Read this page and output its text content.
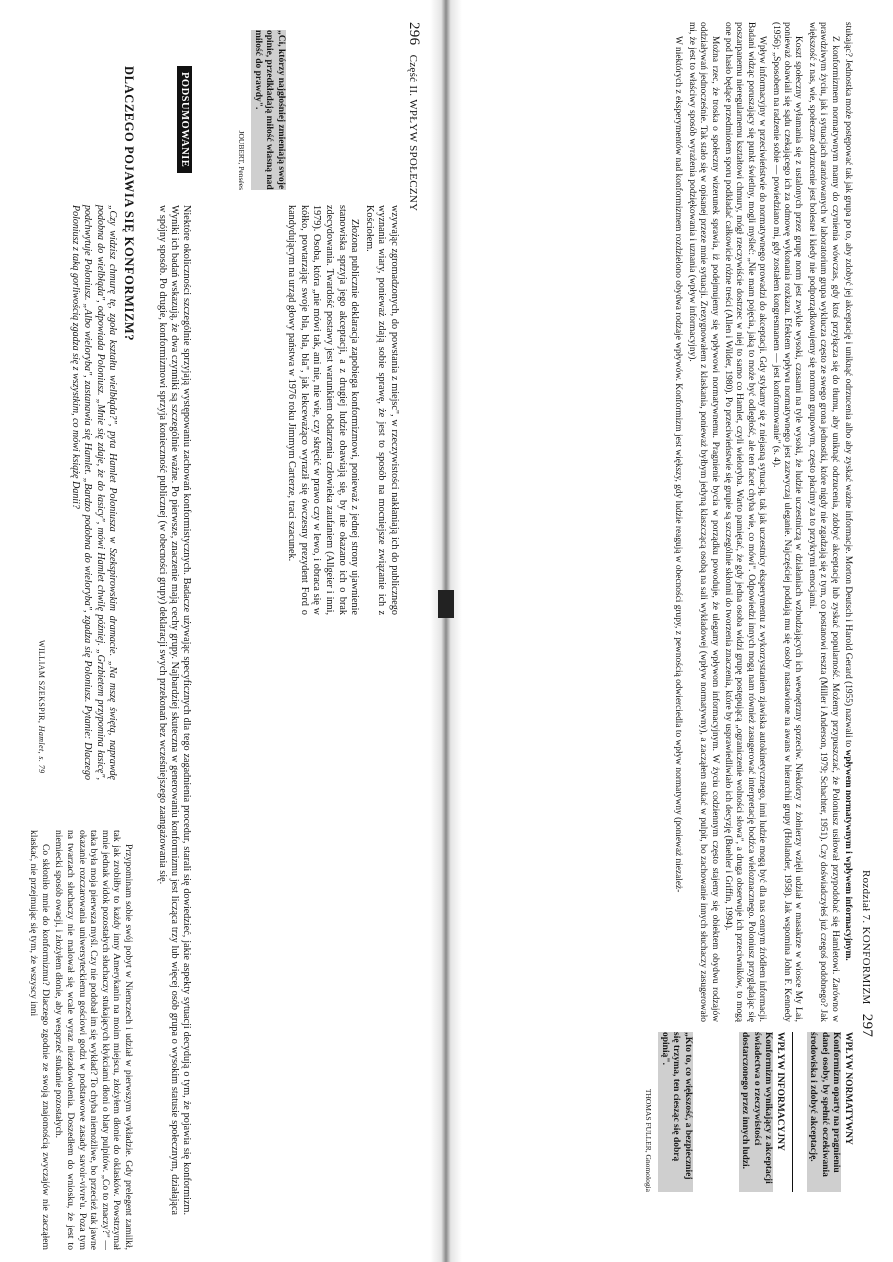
296   Część II. WPŁYW SPOŁECZNY

wzywając zgromadzonych, do powstania z miejsc", w rzeczywistości nakłaniają ich do publicznego wyznania wiary, ponieważ zdają sobie sprawę, że jest to sposób na mocniejsze związanie ich z Kościołem.

Złożona publicznie deklaracja zapobiega konformizmowi, ponieważ z jednej strony ujawnienie stanowiska sprzyja jego akceptacji, a z drugiej ludzie obawiają się, by nie okazano ich o brak zdecydowania. Twardość postawy jest warunkiem obdarzenia człowieka zaufaniem (Allgeier i inni, 1979). Osoba, która „nie mówi tak, ani nie, nie wie, czy skręcić w prawo czy w lewo, i obraca się w kółko, powtarzając swoje bla, bla, bla", jak lekceważąco wyraził się ówczesny prezydent Ford o kandydującym na urząd głowy państwa w 1976 roku Jimmym Carterze, traci szacunek.

„Ci, którzy najgłośniej zmieniają swoje opinie, przedkładają miłość własną nad miłość do prawdy".
JOUBERT, Pensées
PODSUMOWANIE
Niektóre okoliczności szczególnie sprzyjają występowaniu zachowań konformistycznych. Badacze używając specyficznych dla tego zagadnienia procedur, starali się dowiedzieć, jakie aspekty sytuacji decydują o tym, że pojawia się konformizm. Wyniki ich badań wskazują, że dwa czynniki są szczególnie ważne. Po pierwsze, znaczenie mają cechy grupy. Najbardziej skuteczna w generowaniu konformizmu jest licząca trzy lub więcej osób grupa o wysokim statusie społecznym, działająca w spójny sposób. Po drugie, konformizmowi sprzyja konieczność publicznej (w obecności grupy) deklaracji swych przekonań bez wcześniejszego zaangażowania się.
DLACZEGO POJAWIA SIĘ KONFORMIZM?
„Czy widzisz chmurę tę, zgoła kształtu wielbłąda?", pyta Hamlet Poloniusza w Szekspirowskim dramacie. „Na mszę świętą, naprawdę podobna do wielbłąda", odpowiada Poloniusz. „Mnie się zdaje, że do łasicy", mówi Hamlet chwilę później. „Grzbietem przypomina łasicę", podchwytuje Poloniusz. „Albo wieloryba", zastanawia się Hamlet. „Bardzo podobna do wieloryba", zgadza się Poloniusz. Pytanie: Dlaczego Poloniusz z taką gorliwością zgadza się z wszystkim, co mówi książę Danii?
WILLIAM SZEKSPIR, Hamlet, s. 79

Przypominam sobie swój pobyt w Niemczech i udział w pierwszym wykładzie. Gdy prelegent zamilkł, tak jak zrobiłby to każdy inny Amerykanin na moim miejscu, złożyłem dłonie do oklasków. Powstrzymał mnie jednak widok pozostałych słuchaczy stukających kłykciami dłoni o blaty pulpitów. „Co to znaczy?" — taka była moja pierwsza myśl. Czy nie podobał im się wykład? To chyba niemożliwe, bo przecież tak jawne okazanie rozczarowania uniwersyteckiemu gościowi godzi w podstawowe zasady savoir-vivre'u. Poza tym na twarzach słuchaczy nie malował się wcale wyraz niezadowolenia. Doszedłem do wniosku, że jest to niemiecki sposób owacji, i złożyłem dłonie, aby wesprzeć stukanie pozostałych.

Co skłoniło mnie do konformizmu? Dlaczego zgodnie ze swoją znajomością zwyczajów nie zacząłem klaskać, nie przejmując się tym, że wszyscy inni	Rozdział 7. KONFORMIZM   297
WPŁYW NORMATYWNY
Konformizm oparty na pragnieniu danej osoby, by spełnić oczekiwania środowiska i zdobyć akceptację.
WPŁYW INFORMACYJNY
Konformizm wynikający z akceptacji świadectwa o rzeczywistości dostarczonego przez innych ludzi.
„Kto to, co większość, a bezpieczniej się trzyma, ten ciesząc się dobrą opinią".
THOMAS FULLER, Gnomologia

stukając? Jednostka może postępować tak jak grupa po to, aby zdobyć jej akceptację i uniknąć odrzucenia albo aby zyskać ważne informacje. Morton Deutsch i Harold Gerard (1955) nazwali to wpływem normatywnym i wpływem informacyjnym.

Z konformizmem normatywnym mamy do czynienia wówczas, gdy ktoś przyłącza się do tłumu, aby uniknąć odrzucenia, zdobyć akceptację lub zyskać popularność. Możemy przypuszczać, że Poloniusz usiłował przypodobać się Hamletowi. Zarówno w prawdziwym życiu, jak i sytuacjach aranżowanych w laboratorium grupa wyklucza często ze swego grona jednostki, które nigdy nie zgadzają się z tym, co postanowi reszta (Miller i Anderson, 1979; Schachter, 1951). Czy doświadczyłeś już czegoś podobnego? Jak większość z nas, wie, społeczne odrzucenie jest bolesne i kiedy nie podporządkowujemy się normom grupowym, często płacimy za to przykrymi emocjami.

Koszt społeczny wyłamania się z ustalonych przez grupę norm jest zwykle wysoki, czasami na tyle wysoki, że ludzie uczestniczą w działaniach wzbudzających ich wewnętrzny sprzeciw. Niektórzy z żołnierzy wzięli udział w masakrze w wiosce My Lai, ponieważ obawiali się sądu czekającego ich za odmowę wykonania rozkazu. Efektem wpływu normatywnego jest zazwyczaj uleganie. Najczęściej poddają mu się osoby nastawione na awans w hierarchii grupy (Hollander, 1958). Jak wspomina John F. Kennedy (1956): „Sposobem na radzenie sobie — powiedziano mi, gdy zostałem kongresmanem — jest konformowanie" (s. 4).

Wpływ informacyjny w przeciwieństwie do normatywnego prowadzi do akceptacji. Gdy stykamy się z niejasną sytuacją, tak jak uczestnicy eksperymentu z wykorzystaniem zjawiska autokinetycznego, inni ludzie mogą być dla nas cennym źródłem informacji. Badani widząc poruszający się punkt świetlny, mogli myśleć: „Nie mam pojęcia, jaką to może być odległość, ale ten facet chyba wie, co mówi". Odpowiedzi innych mogą nam również zasugerować interpretację bodźca wieloznacznego. Poloniusz przyglądając się poszarpanemu nieregularnemu kształtowi chmury, mógł rzeczywiście dostrzec w niej to samo co Hamlet, czyli wieloryba. Warto pamiętać, że gdy jedna osoba widzi grupę postępującą „ograniczenie wolności słowa", a druga obserwuje ich przeciwników, to mogą one pod hasło będące przedmiotem sporu podkładać całkowicie różne treści (Allen i Wilder, 1980). Po przeciwieństwie się grupie są szczególnie skłonni do tworzenia znaczenia, które by usprawiedliwiało ich decyzję (Buehler i Griffin, 1994).

Można rzec, że troska o społeczny wizerunek sprawia, iż podejmujemy się wpływowi normatywnemu. Pragnienie bycia w porządku powoduje, że ulegamy wpływom informacyjnym. W życiu codziennym często stajemy się obiektem obydwu rodzajów oddziaływań jednocześnie. Tak stało się w opisanej przeze mnie sytuacji. Zrezygnowałem z klaskania, ponieważ byłbym jedyną klaszczącą osobą na sali wykładowej (wpływ normatywny), a zacząłem stukać w pulpit, bo zachowanie innych słuchaczy zasugerowało mi, że jest to właściwy sposób wyrażenia podziękowania i uznania (wpływ informacyjny).

W niektórych z eksperymentów nad konformizmem rozdzielono obydwa rodzaje wpływów. Konformizm jest większy, gdy ludzie reagują w obecności grupy, z pewnością odwierciedla to wpływ normatywny (ponieważ niezależ-
